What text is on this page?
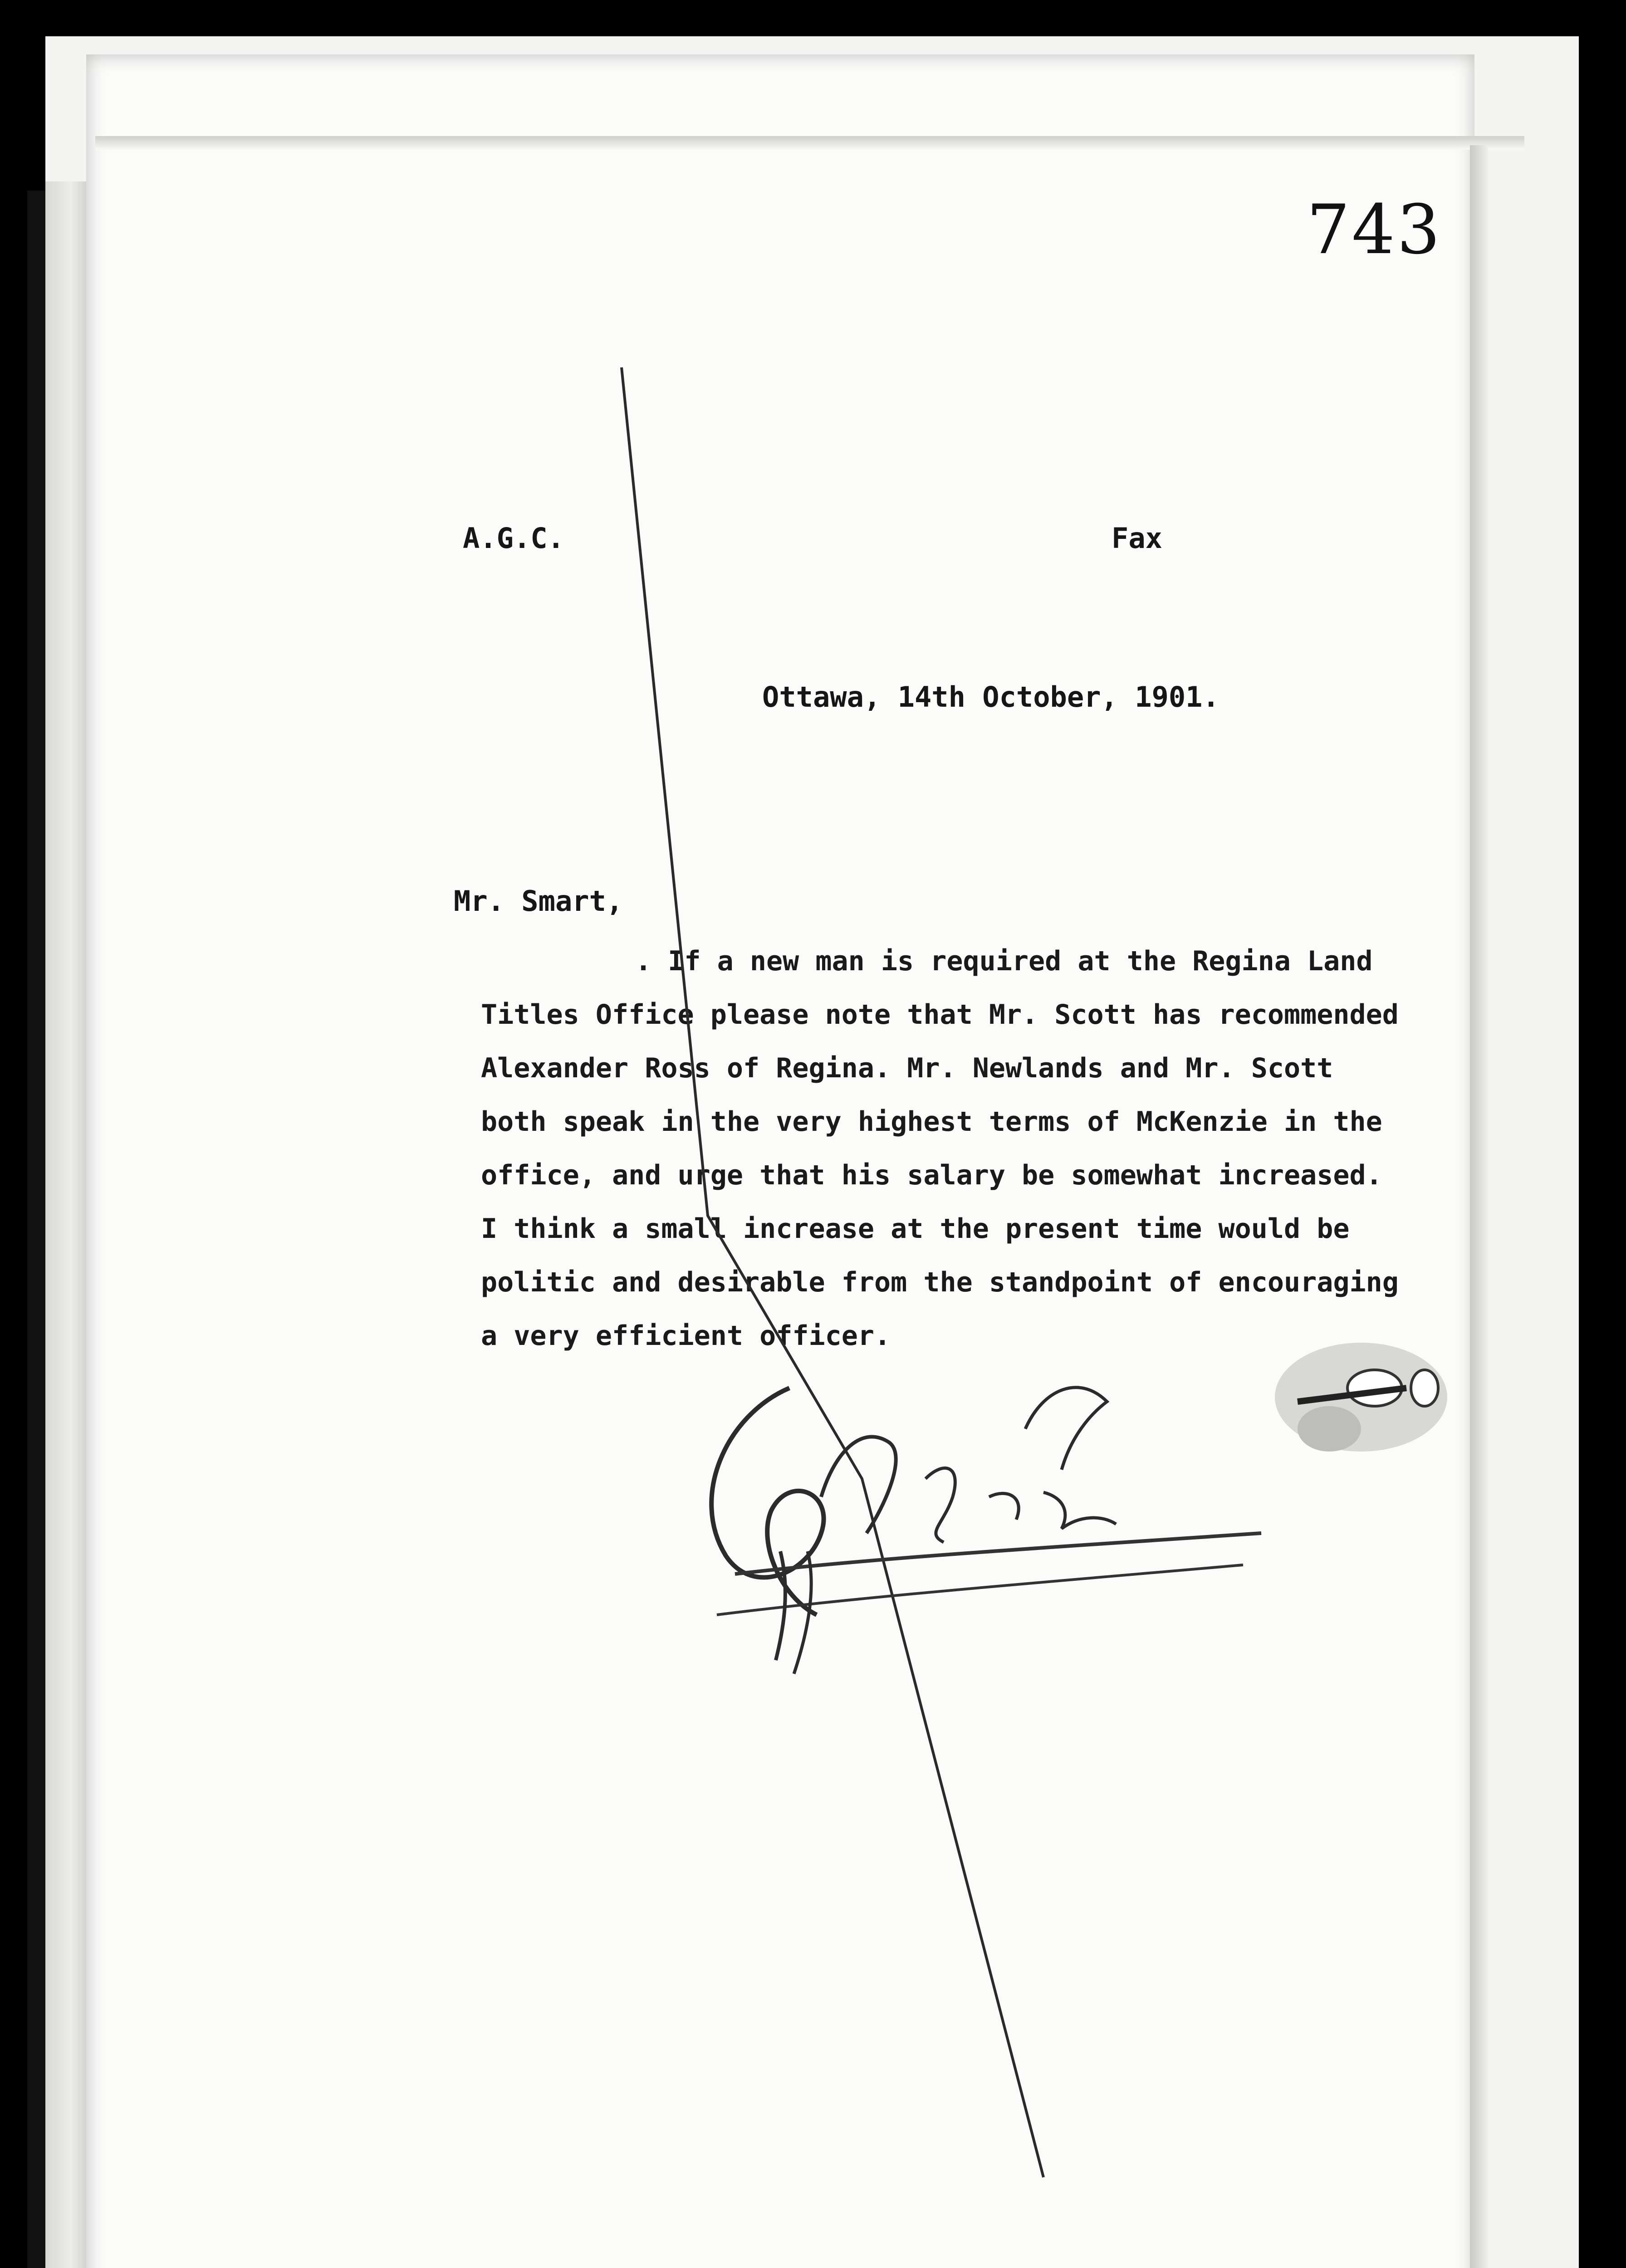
743
A.G.C.	Fax
Ottawa, 14th October, 1901.
Mr. Smart,
. If a new man is required at the Regina Land
Titles Office please note that Mr. Scott has recommended
Alexander Ross of Regina. Mr. Newlands and Mr. Scott
both speak in the very highest terms of McKenzie in the
office, and urge that his salary be somewhat increased.
I think a small increase at the present time would be
politic and desirable from the standpoint of encouraging
a very efficient officer.
